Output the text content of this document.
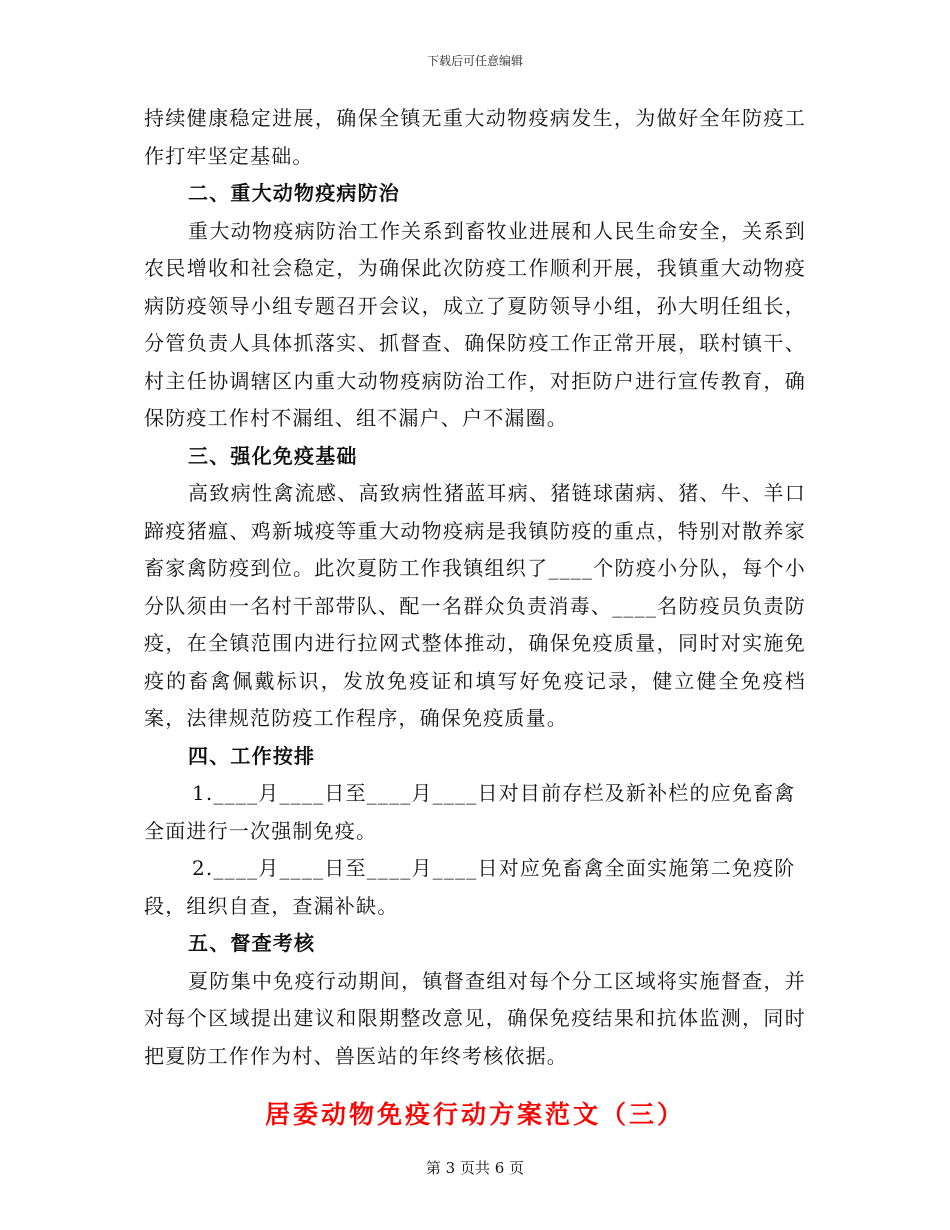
下载后可任意编辑

持续健康稳定进展，确保全镇无重大动物疫病发生，为做好全年防疫工作打牢坚定基础。

二、重大动物疫病防治

重大动物疫病防治工作关系到畜牧业进展和人民生命安全，关系到农民增收和社会稳定，为确保此次防疫工作顺利开展，我镇重大动物疫病防疫领导小组专题召开会议，成立了夏防领导小组，孙大明任组长，分管负责人具体抓落实、抓督查、确保防疫工作正常开展，联村镇干、村主任协调辖区内重大动物疫病防治工作，对拒防户进行宣传教育，确保防疫工作村不漏组、组不漏户、户不漏圈。

三、强化免疫基础

高致病性禽流感、高致病性猪蓝耳病、猪链球菌病、猪、牛、羊口蹄疫猪瘟、鸡新城疫等重大动物疫病是我镇防疫的重点，特别对散养家畜家禽防疫到位。此次夏防工作我镇组织了____个防疫小分队，每个小分队须由一名村干部带队、配一名群众负责消毒、____名防疫员负责防疫，在全镇范围内进行拉网式整体推动，确保免疫质量，同时对实施免疫的畜禽佩戴标识，发放免疫证和填写好免疫记录，健立健全免疫档案，法律规范防疫工作程序，确保免疫质量。

四、工作按排

1.____月____日至____月____日对目前存栏及新补栏的应免畜禽全面进行一次强制免疫。

2.____月____日至____月____日对应免畜禽全面实施第二免疫阶段，组织自查，查漏补缺。

五、督查考核

夏防集中免疫行动期间，镇督查组对每个分工区域将实施督查，并对每个区域提出建议和限期整改意见，确保免疫结果和抗体监测，同时把夏防工作作为村、兽医站的年终考核依据。

居委动物免疫行动方案范文（三）

第 3 页共 6 页
